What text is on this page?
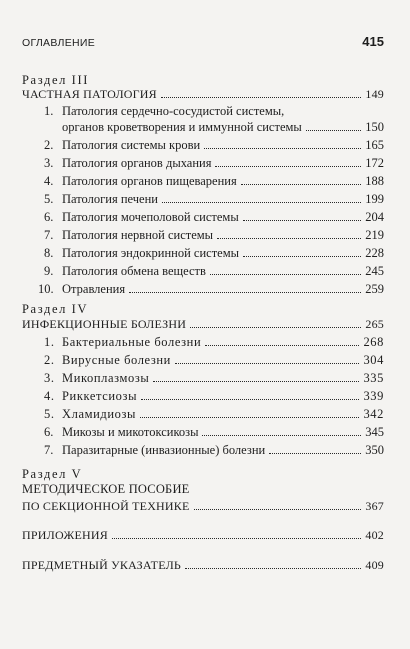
ОГЛАВЛЕНИЕ	415
Раздел III
ЧАСТНАЯ ПАТОЛОГИЯ	149
1. Патология сердечно-сосудистой системы,
органов кроветворения и иммунной системы	150
2. Патология системы крови	165
3. Патология органов дыхания	172
4. Патология органов пищеварения	188
5. Патология печени	199
6. Патология мочеполовой системы	204
7. Патология нервной системы	219
8. Патология эндокринной системы	228
9. Патология обмена веществ	245
10. Отравления	259
Раздел IV
ИНФЕКЦИОННЫЕ БОЛЕЗНИ	265
1. Бактериальные болезни	268
2. Вирусные болезни	304
3. Микоплазмозы	335
4. Риккетсиозы	339
5. Хламидиозы	342
6. Микозы и микотоксикозы	345
7. Паразитарные (инвазионные) болезни	350
Раздел V
МЕТОДИЧЕСКОЕ ПОСОБИЕ
ПО СЕКЦИОННОЙ ТЕХНИКЕ	367
ПРИЛОЖЕНИЯ	402
ПРЕДМЕТНЫЙ УКАЗАТЕЛЬ	409
